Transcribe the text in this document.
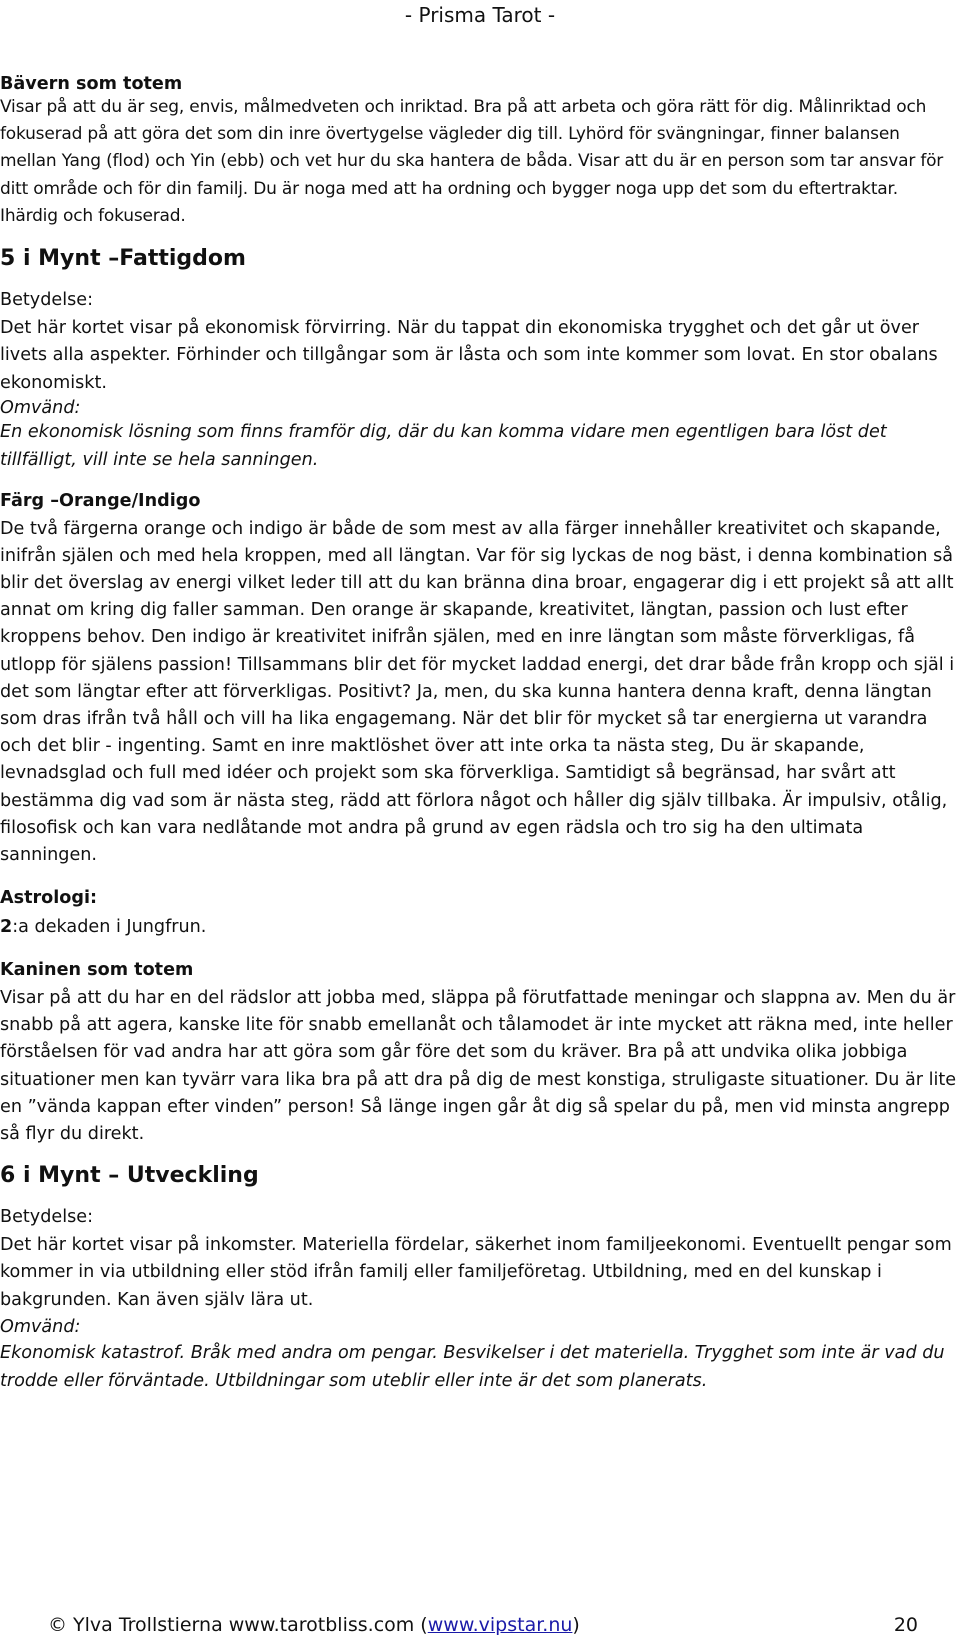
- Prisma Tarot -

Bävern som totem

Visar på att du är seg, envis, målmedveten och inriktad. Bra på att arbeta och göra rätt för dig. Målinriktad och fokuserad på att göra det som din inre övertygelse vägleder dig till. Lyhörd för svängningar, finner balansen mellan Yang (flod) och Yin (ebb) och vet hur du ska hantera de båda. Visar att du är en person som tar ansvar för ditt område och för din familj. Du är noga med att ha ordning och bygger noga upp det som du eftertraktar. Ihärdig och fokuserad.

5 i Mynt –Fattigdom

Betydelse:

Det här kortet visar på ekonomisk förvirring. När du tappat din ekonomiska trygghet och det går ut över livets alla aspekter. Förhinder och tillgångar som är låsta och som inte kommer som lovat. En stor obalans ekonomiskt.

Omvänd:

En ekonomisk lösning som finns framför dig, där du kan komma vidare men egentligen bara löst det tillfälligt, vill inte se hela sanningen.

Färg –Orange/Indigo

De två färgerna orange och indigo är både de som mest av alla färger innehåller kreativitet och skapande, inifrån själen och med hela kroppen, med all längtan. Var för sig lyckas de nog bäst, i denna kombination så blir det överslag av energi vilket leder till att du kan bränna dina broar, engagerar dig i ett projekt så att allt annat om kring dig faller samman. Den orange är skapande, kreativitet, längtan, passion och lust efter kroppens behov. Den indigo är kreativitet inifrån själen, med en inre längtan som måste förverkligas, få utlopp för själens passion! Tillsammans blir det för mycket laddad energi, det drar både från kropp och själ i det som längtar efter att förverkligas. Positivt? Ja, men, du ska kunna hantera denna kraft, denna längtan som dras ifrån två håll och vill ha lika engagemang. När det blir för mycket så tar energierna ut varandra och det blir - ingenting. Samt en inre maktlöshet över att inte orka ta nästa steg, Du är skapande, levnadsglad och full med idéer och projekt som ska förverkliga. Samtidigt så begränsad, har svårt att bestämma dig vad som är nästa steg, rädd att förlora något och håller dig själv tillbaka. Är impulsiv, otålig, filosofisk och kan vara nedlåtande mot andra på grund av egen rädsla och tro sig ha den ultimata sanningen.

Astrologi:

2:a dekaden i Jungfrun.

Kaninen som totem

Visar på att du har en del rädslor att jobba med, släppa på förutfattade meningar och slappna av. Men du är snabb på att agera, kanske lite för snabb emellanåt och tålamodet är inte mycket att räkna med, inte heller förståelsen för vad andra har att göra som går före det som du kräver. Bra på att undvika olika jobbiga situationer men kan tyvärr vara lika bra på att dra på dig de mest konstiga, struligaste situationer. Du är lite en ”vända kappan efter vinden” person! Så länge ingen går åt dig så spelar du på, men vid minsta angrepp så flyr du direkt.

6 i Mynt – Utveckling

Betydelse:

Det här kortet visar på inkomster. Materiella fördelar, säkerhet inom familjeekonomi. Eventuellt pengar som kommer in via utbildning eller stöd ifrån familj eller familjeföretag. Utbildning, med en del kunskap i bakgrunden. Kan även själv lära ut.

Omvänd:

Ekonomisk katastrof. Bråk med andra om pengar. Besvikelser i det materiella. Trygghet som inte är vad du trodde eller förväntade. Utbildningar som uteblir eller inte är det som planerats.

© Ylva Trollstierna www.tarotbliss.com (www.vipstar.nu)	20
